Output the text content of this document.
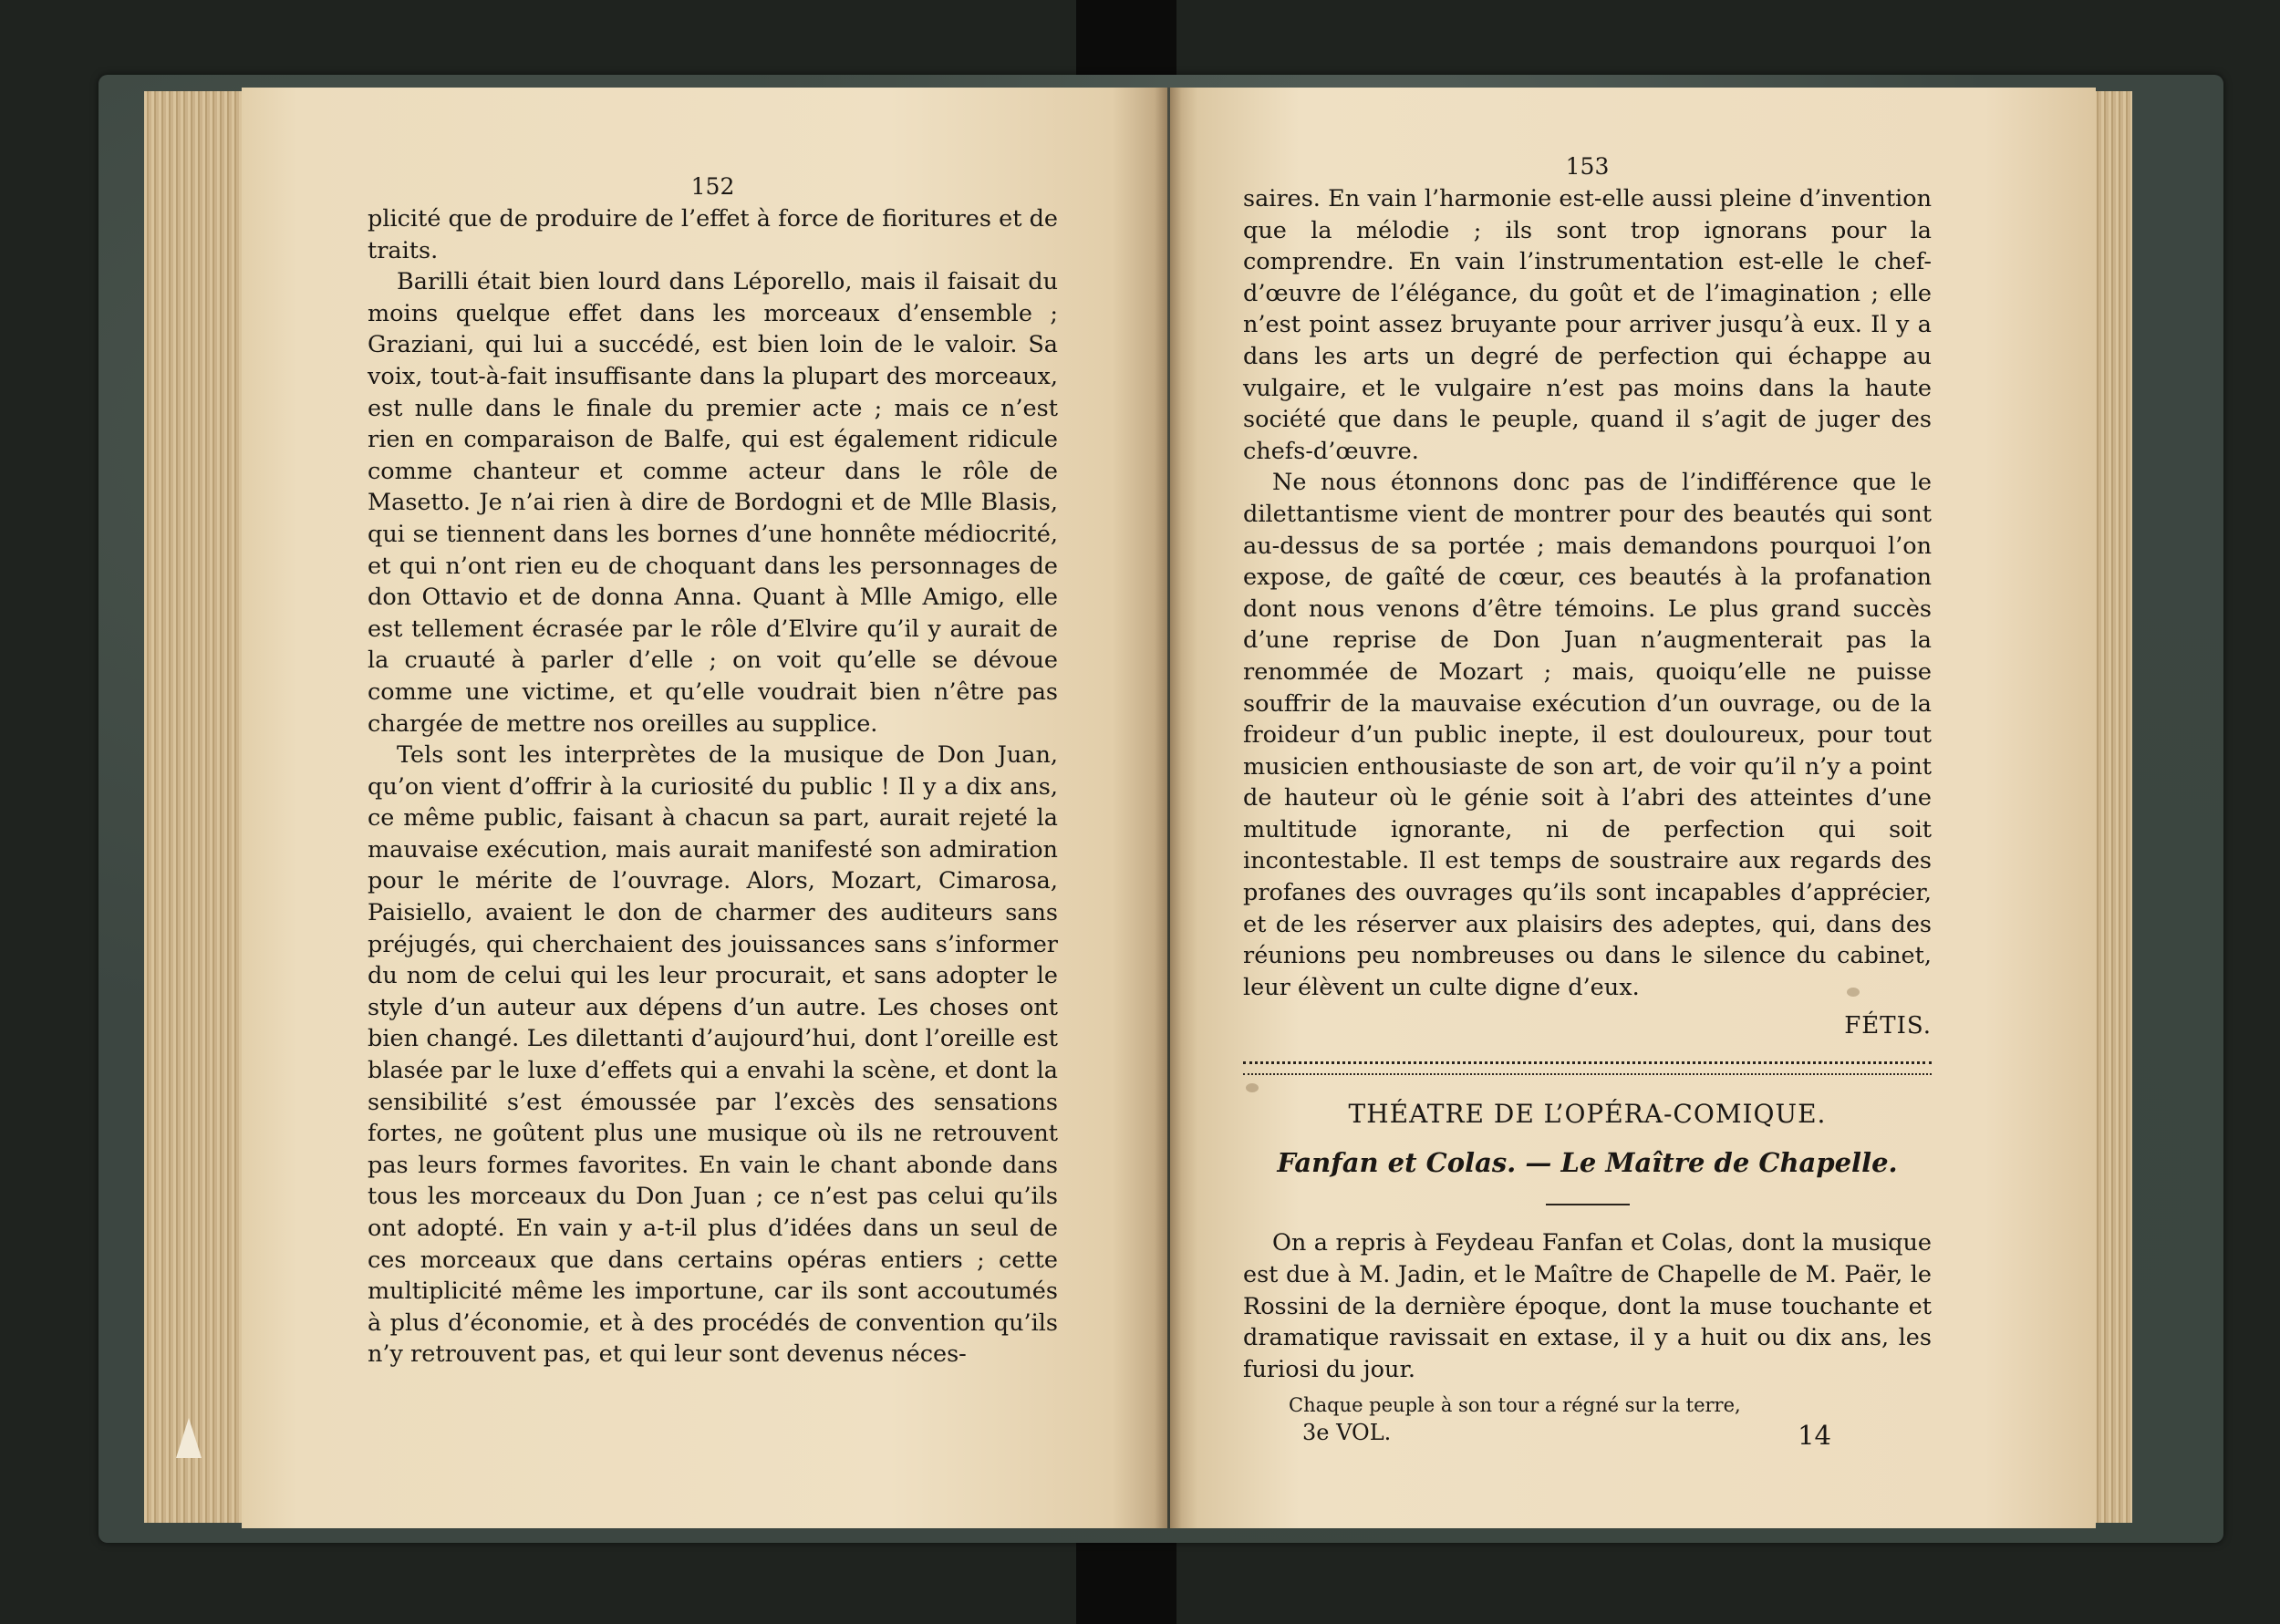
152

plicité que de produire de l’effet à force de fioritures et de traits.

Barilli était bien lourd dans Léporello, mais il faisait du moins quelque effet dans les morceaux d’ensemble ; Graziani, qui lui a succédé, est bien loin de le valoir. Sa voix, tout-à-fait insuffisante dans la plupart des morceaux, est nulle dans le finale du premier acte ; mais ce n’est rien en comparaison de Balfe, qui est également ridicule comme chanteur et comme acteur dans le rôle de Masetto. Je n’ai rien à dire de Bordogni et de Mlle Blasis, qui se tiennent dans les bornes d’une honnête médiocrité, et qui n’ont rien eu de choquant dans les personnages de don Ottavio et de donna Anna. Quant à Mlle Amigo, elle est tellement écrasée par le rôle d’Elvire qu’il y aurait de la cruauté à parler d’elle ; on voit qu’elle se dévoue comme une victime, et qu’elle voudrait bien n’être pas chargée de mettre nos oreilles au supplice.

Tels sont les interprètes de la musique de Don Juan, qu’on vient d’offrir à la curiosité du public ! Il y a dix ans, ce même public, faisant à chacun sa part, aurait rejeté la mauvaise exécution, mais aurait manifesté son admiration pour le mérite de l’ouvrage. Alors, Mozart, Cimarosa, Paisiello, avaient le don de charmer des auditeurs sans préjugés, qui cherchaient des jouissances sans s’informer du nom de celui qui les leur procurait, et sans adopter le style d’un auteur aux dépens d’un autre. Les choses ont bien changé. Les dilettanti d’aujourd’hui, dont l’oreille est blasée par le luxe d’effets qui a envahi la scène, et dont la sensibilité s’est émoussée par l’excès des sensations fortes, ne goûtent plus une musique où ils ne retrouvent pas leurs formes favorites. En vain le chant abonde dans tous les morceaux du Don Juan ; ce n’est pas celui qu’ils ont adopté. En vain y a-t-il plus d’idées dans un seul de ces morceaux que dans certains opéras entiers ; cette multiplicité même les importune, car ils sont accoutumés à plus d’économie, et à des procédés de convention qu’ils n’y retrouvent pas, et qui leur sont devenus néces-

153

saires. En vain l’harmonie est-elle aussi pleine d’invention que la mélodie ; ils sont trop ignorans pour la comprendre. En vain l’instrumentation est-elle le chef-d’œuvre de l’élégance, du goût et de l’imagination ; elle n’est point assez bruyante pour arriver jusqu’à eux. Il y a dans les arts un degré de perfection qui échappe au vulgaire, et le vulgaire n’est pas moins dans la haute société que dans le peuple, quand il s’agit de juger des chefs-d’œuvre.

Ne nous étonnons donc pas de l’indifférence que le dilettantisme vient de montrer pour des beautés qui sont au-dessus de sa portée ; mais demandons pourquoi l’on expose, de gaîté de cœur, ces beautés à la profanation dont nous venons d’être témoins. Le plus grand succès d’une reprise de Don Juan n’augmenterait pas la renommée de Mozart ; mais, quoiqu’elle ne puisse souffrir de la mauvaise exécution d’un ouvrage, ou de la froideur d’un public inepte, il est douloureux, pour tout musicien enthousiaste de son art, de voir qu’il n’y a point de hauteur où le génie soit à l’abri des atteintes d’une multitude ignorante, ni de perfection qui soit incontestable. Il est temps de soustraire aux regards des profanes des ouvrages qu’ils sont incapables d’apprécier, et de les réserver aux plaisirs des adeptes, qui, dans des réunions peu nombreuses ou dans le silence du cabinet, leur élèvent un culte digne d’eux.

FÉTIS.
THÉATRE DE L’OPÉRA-COMIQUE.
Fanfan et Colas. — Le Maître de Chapelle.

On a repris à Feydeau Fanfan et Colas, dont la musique est due à M. Jadin, et le Maître de Chapelle de M. Paër, le Rossini de la dernière époque, dont la muse touchante et dramatique ravissait en extase, il y a huit ou dix ans, les furiosi du jour.

Chaque peuple à son tour a régné sur la terre,
3e VOL.	14
